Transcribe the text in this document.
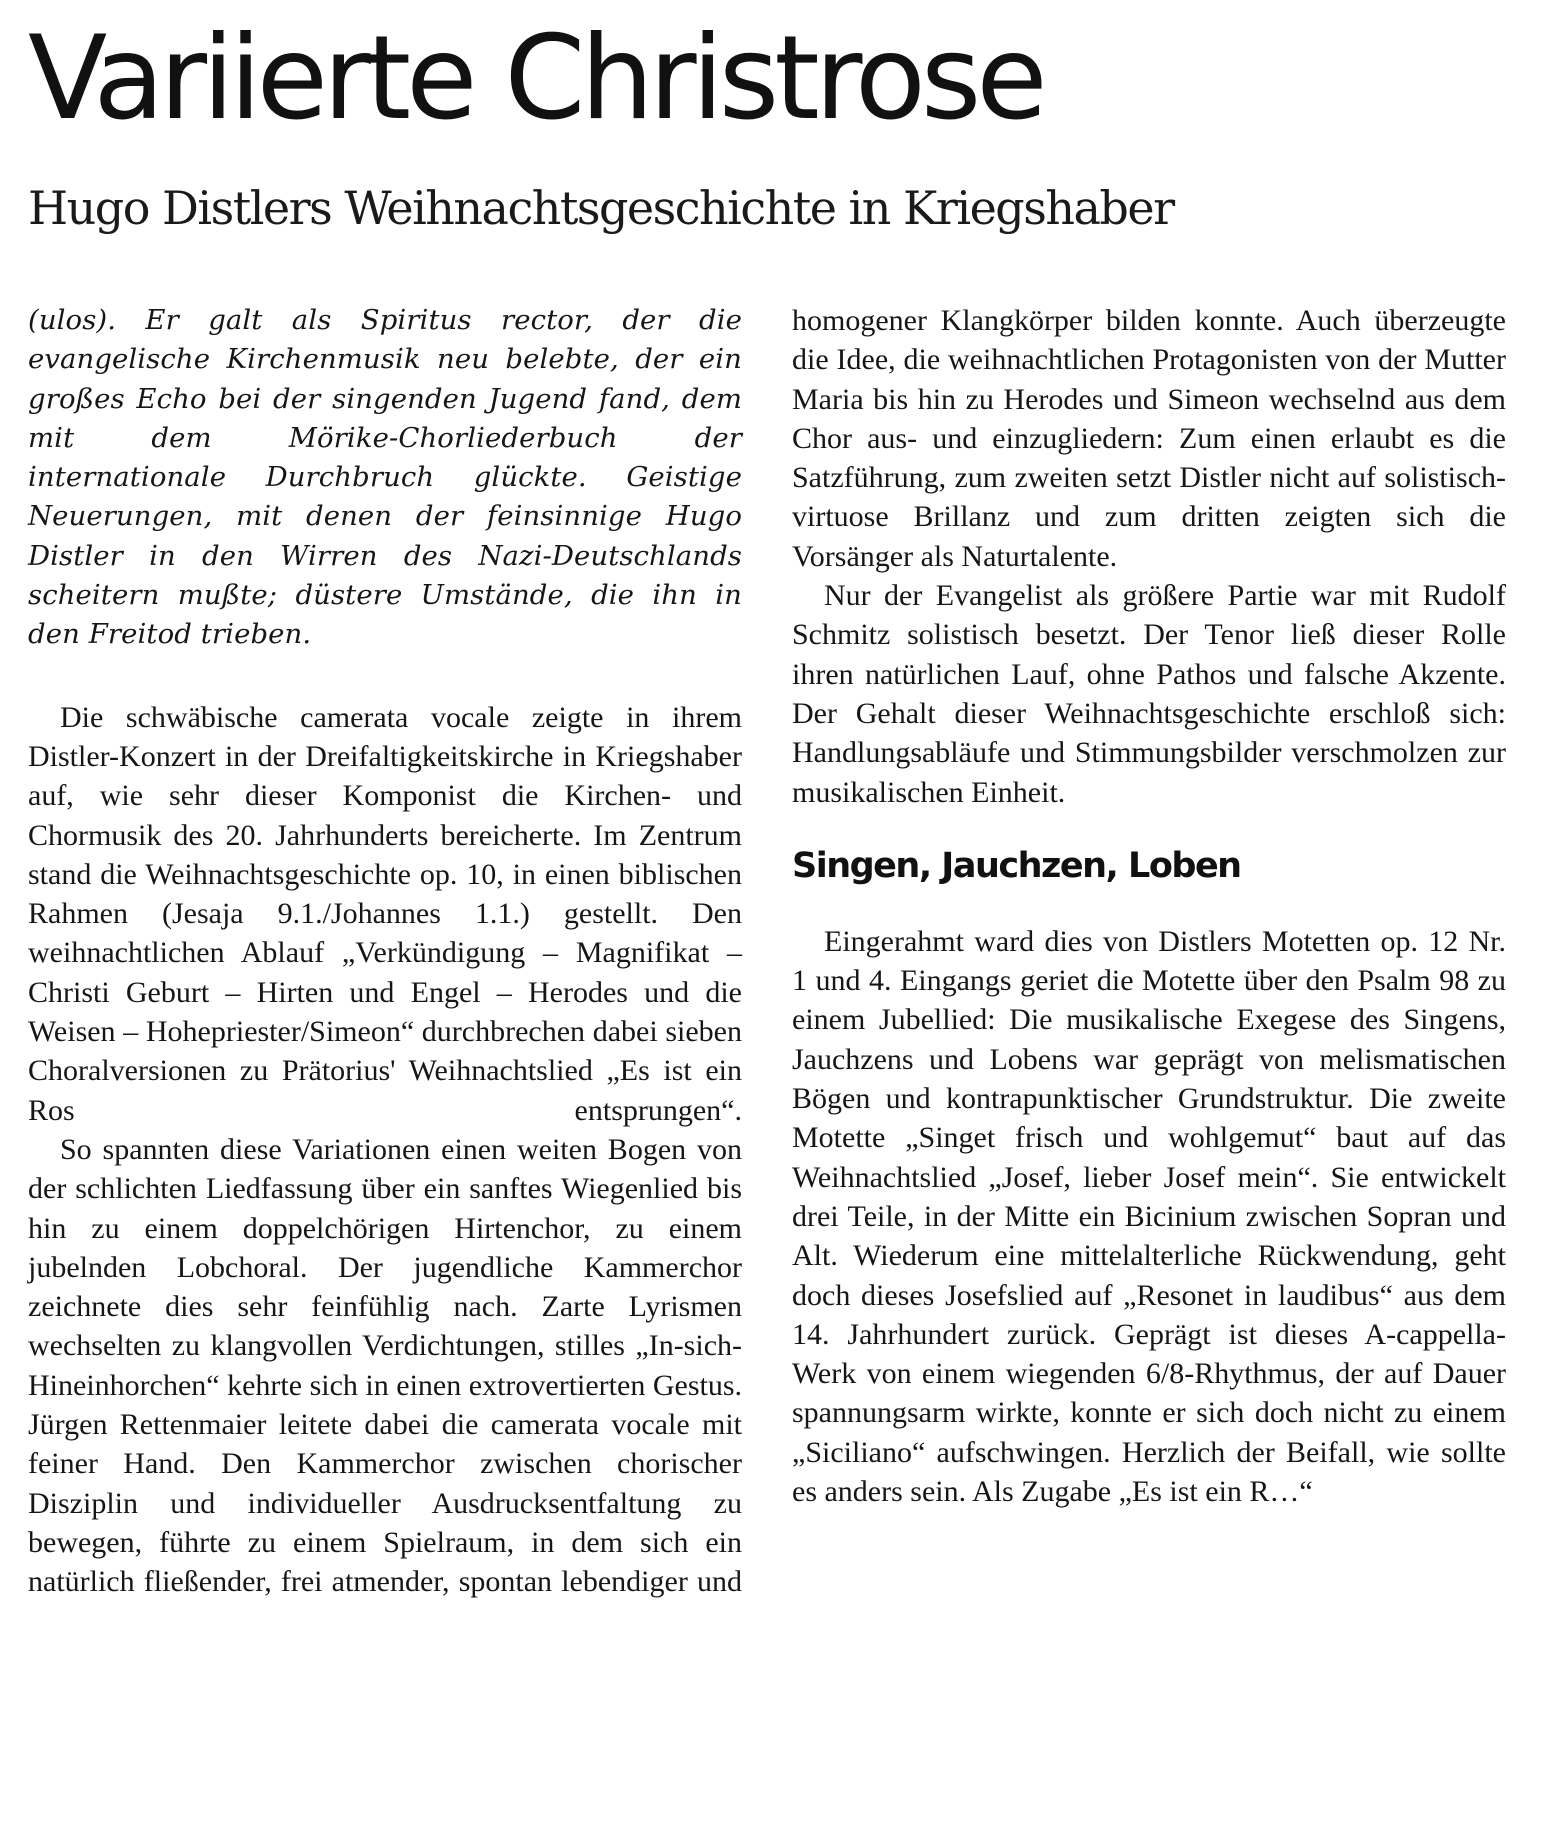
Variierte Christrose
Hugo Distlers Weihnachtsgeschichte in Kriegshaber

(ulos). Er galt als Spiritus rector, der die evangelische Kirchenmusik neu belebte, der ein großes Echo bei der singenden Jugend fand, dem mit dem Mörike-Chorliederbuch der internationale Durchbruch glückte. Geistige Neuerungen, mit denen der feinsinnige Hugo Distler in den Wirren des Nazi-Deutschlands scheitern mußte; düstere Umstände, die ihn in den Freitod trieben.

Die schwäbische camerata vocale zeigte in ihrem Distler-Konzert in der Dreifaltigkeitskirche in Kriegshaber auf, wie sehr dieser Komponist die Kirchen- und Chormusik des 20. Jahrhunderts bereicherte. Im Zentrum stand die Weihnachtsgeschichte op. 10, in einen biblischen Rahmen (Jesaja 9.1./Johannes 1.1.) gestellt. Den weihnachtlichen Ablauf „Verkündigung – Magnifikat – Christi Geburt – Hirten und Engel – Herodes und die Weisen – Hohepriester/Simeon“ durchbrechen dabei sieben Choralversionen zu Prätorius' Weihnachtslied „Es ist ein Ros entsprungen“.

So spannten diese Variationen einen weiten Bogen von der schlichten Liedfassung über ein sanftes Wiegenlied bis hin zu einem doppelchörigen Hirtenchor, zu einem jubelnden Lobchoral. Der jugendliche Kammerchor zeichnete dies sehr feinfühlig nach. Zarte Lyrismen wechselten zu klangvollen Verdichtungen, stilles „In-sich-Hineinhorchen“ kehrte sich in einen extrovertierten Gestus. Jürgen Rettenmaier leitete dabei die camerata vocale mit feiner Hand. Den Kammerchor zwischen chorischer Disziplin und individueller Ausdrucksentfaltung zu bewegen, führte zu einem Spielraum, in dem sich ein natürlich fließender, frei atmender, spontan lebendiger und

homogener Klangkörper bilden konnte. Auch überzeugte die Idee, die weihnachtlichen Protagonisten von der Mutter Maria bis hin zu Herodes und Simeon wechselnd aus dem Chor aus- und einzugliedern: Zum einen erlaubt es die Satzführung, zum zweiten setzt Distler nicht auf solistisch-virtuose Brillanz und zum dritten zeigten sich die Vorsänger als Naturtalente.

Nur der Evangelist als größere Partie war mit Rudolf Schmitz solistisch besetzt. Der Tenor ließ dieser Rolle ihren natürlichen Lauf, ohne Pathos und falsche Akzente. Der Gehalt dieser Weihnachtsgeschichte erschloß sich: Handlungsabläufe und Stimmungsbilder verschmolzen zur musikalischen Einheit.

Singen, Jauchzen, Loben

Eingerahmt ward dies von Distlers Motetten op. 12 Nr. 1 und 4. Eingangs geriet die Motette über den Psalm 98 zu einem Jubellied: Die musikalische Exegese des Singens, Jauchzens und Lobens war geprägt von melismatischen Bögen und kontrapunktischer Grundstruktur. Die zweite Motette „Singet frisch und wohlgemut“ baut auf das Weihnachtslied „Josef, lieber Josef mein“. Sie entwickelt drei Teile, in der Mitte ein Bicinium zwischen Sopran und Alt. Wiederum eine mittelalterliche Rückwendung, geht doch dieses Josefslied auf „Resonet in laudibus“ aus dem 14. Jahrhundert zurück. Geprägt ist dieses A-cappella-Werk von einem wiegenden 6/8-Rhythmus, der auf Dauer spannungsarm wirkte, konnte er sich doch nicht zu einem „Siciliano“ aufschwingen. Herzlich der Beifall, wie sollte es anders sein. Als Zugabe „Es ist ein R…“
